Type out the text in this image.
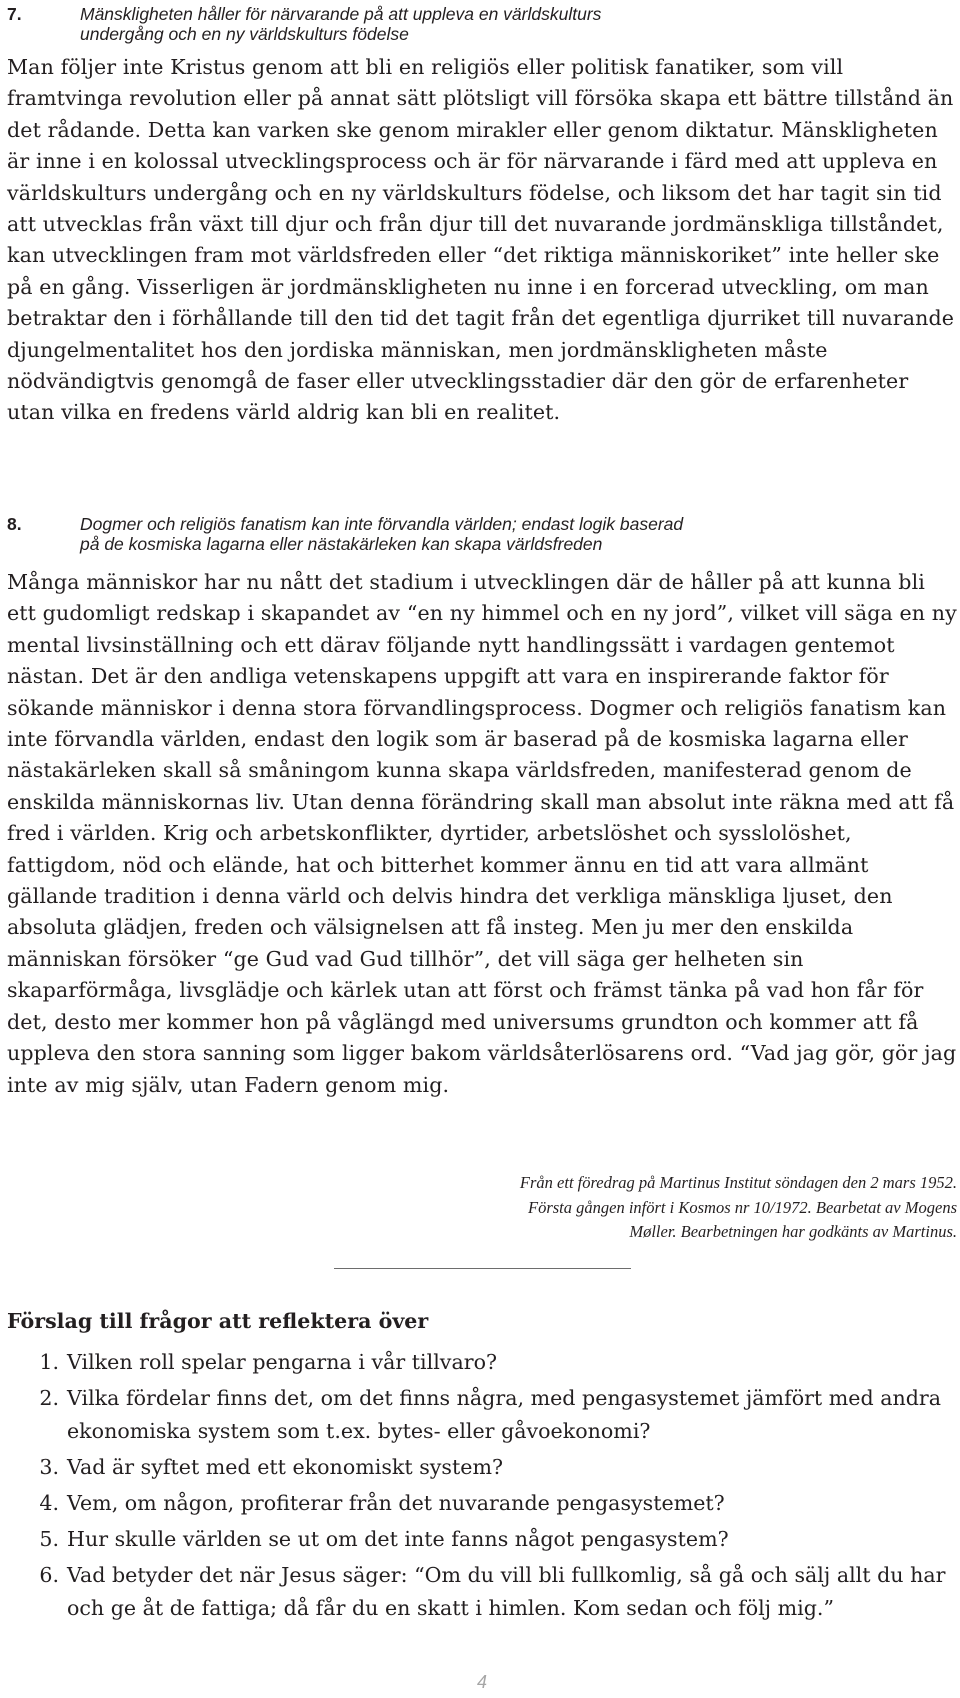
7.	Mänskligheten håller för närvarande på att uppleva en världskulturs
undergång och en ny världskulturs födelse

Man följer inte Kristus genom att bli en religiös eller politisk fanatiker, som vill framtvinga revolution eller på annat sätt plötsligt vill försöka skapa ett bättre tillstånd än det rådande. Detta kan varken ske genom mirakler eller genom diktatur. Mänskligheten är inne i en kolossal utvecklingsprocess och är för närvarande i färd med att uppleva en världskulturs undergång och en ny världskulturs födelse, och liksom det har tagit sin tid att utvecklas från växt till djur och från djur till det nuvarande jordmänskliga tillståndet, kan utvecklingen fram mot världsfreden eller “det riktiga människoriket” inte heller ske på en gång. Visserligen är jordmänskligheten nu inne i en forcerad utveckling, om man betraktar den i förhållande till den tid det tagit från det egentliga djurriket till nuvarande djungelmentalitet hos den jordiska människan, men jordmänskligheten måste nödvändigtvis genomgå de faser eller utvecklingsstadier där den gör de erfarenheter utan vilka en fredens värld aldrig kan bli en realitet.

8.	Dogmer och religiös fanatism kan inte förvandla världen; endast logik baserad
på de kosmiska lagarna eller nästakärleken kan skapa världsfreden

Många människor har nu nått det stadium i utvecklingen där de håller på att kunna bli ett gudomligt redskap i skapandet av “en ny himmel och en ny jord”, vilket vill säga en ny mental livsinställning och ett därav följande nytt handlingssätt i vardagen gentemot nästan. Det är den andliga vetenskapens uppgift att vara en inspirerande faktor för sökande människor i denna stora förvandlingsprocess. Dogmer och religiös fanatism kan inte förvandla världen, endast den logik som är baserad på de kosmiska lagarna eller nästakärleken skall så småningom kunna skapa världsfreden, manifesterad genom de enskilda människornas liv. Utan denna förändring skall man absolut inte räkna med att få fred i världen. Krig och arbetskonflikter, dyrtider, arbetslöshet och sysslolöshet, fattigdom, nöd och elände, hat och bitterhet kommer ännu en tid att vara allmänt gällande tradition i denna värld och delvis hindra det verkliga mänskliga ljuset, den absoluta glädjen, freden och välsignelsen att få insteg. Men ju mer den enskilda människan försöker “ge Gud vad Gud tillhör”, det vill säga ger helheten sin skaparförmåga, livsglädje och kärlek utan att först och främst tänka på vad hon får för det, desto mer kommer hon på våglängd med universums grundton och kommer att få uppleva den stora sanning som ligger bakom världsåterlösarens ord. “Vad jag gör, gör jag inte av mig själv, utan Fadern genom mig.

Från ett föredrag på Martinus Institut söndagen den 2 mars 1952.
Första gången infört i Kosmos nr 10/1972. Bearbetat av Mogens
Møller. Bearbetningen har godkänts av Martinus.
Förslag till frågor att reflektera över
1. Vilken roll spelar pengarna i vår tillvaro?
2. Vilka fördelar finns det, om det finns några, med pengasystemet jämfört med andra ekonomiska system som t.ex. bytes- eller gåvoekonomi?
3. Vad är syftet med ett ekonomiskt system?
4. Vem, om någon, profiterar från det nuvarande pengasystemet?
5. Hur skulle världen se ut om det inte fanns något pengasystem?
6. Vad betyder det när Jesus säger: “Om du vill bli fullkomlig, så gå och sälj allt du har och ge åt de fattiga; då får du en skatt i himlen. Kom sedan och följ mig.”
4
